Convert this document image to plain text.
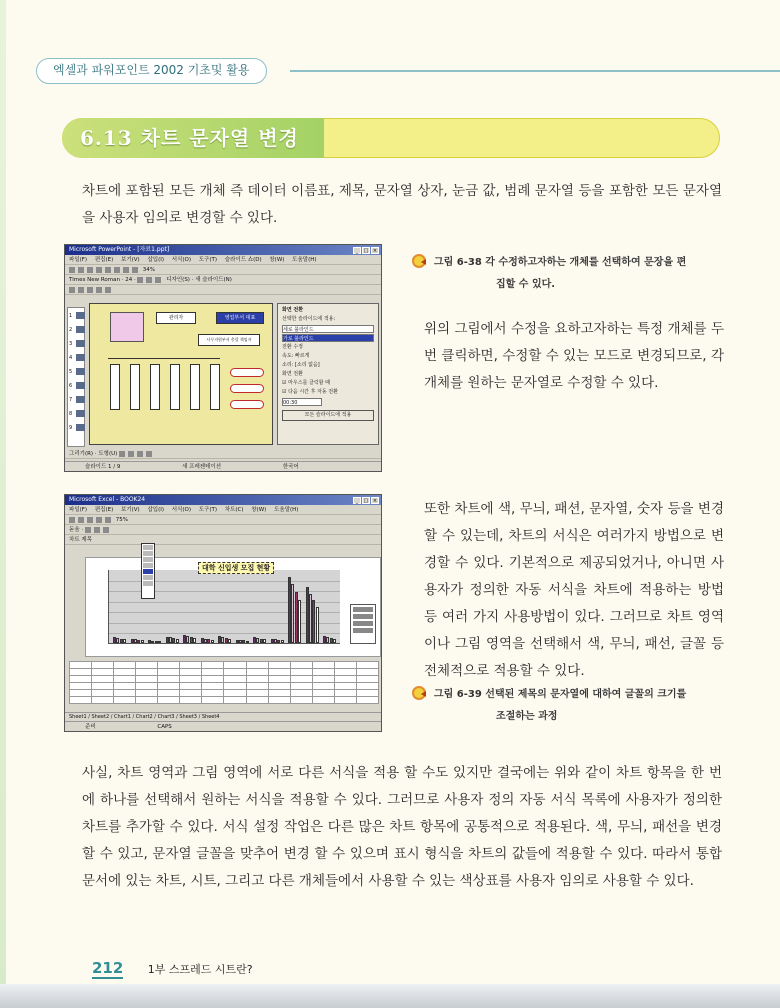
엑셀과 파워포인트 2002 기초및 활용
6.13 차트 문자열 변경

차트에 포함된 모든 개체 즉 데이터 이름표, 제목, 문자열 상자, 눈금 값, 범례 문자열 등을 포함한 모든 문자열을 사용자 임의로 변경할 수 있다.

Microsoft PowerPoint - [자료1.ppt]	_ □ ×
파일(F) 편집(E) 보기(V) 삽입(I) 서식(O) 도구(T) 슬라이드 쇼(D) 창(W) 도움말(H)
34%
Times New Roman · 24 ·	디자인(S) · 새 슬라이드(N)
1
2
3
4
5
6
7
8
9
관리자	영업부서 대표
사무지원부서 총괄 책임자
화면 전환
선택한 슬라이드에 적용:
세로 블라인드
가로 블라인드
전환 수정
속도: 빠르게
소리: [소리 없음]
화면 전환
☑ 마우스를 클릭할 때
☑ 다음 시간 후 자동 전환
00:30
모든 슬라이드에 적용
그리기(R) · 도형(U)
슬라이드 1 / 9	새 프레젠테이션	한국어
그림 6-38 각 수정하고자하는 개체를 선택하여 문장을 편
집할 수 있다.

위의 그림에서 수정을 요하고자하는 특정 개체를 두 번 클릭하면, 수정할 수 있는 모드로 변경되므로, 각 개체를 원하는 문자열로 수정할 수 있다.

Microsoft Excel - BOOK24	_ □ ×
파일(F) 편집(E) 보기(V) 삽입(I) 서식(O) 도구(T) 차트(C) 창(W) 도움말(H)
75%
돋움 ·
차트 제목
대학 신입생 모집 현황

Sheet1 / Sheet2 / Chart1 / Chart2 / Chart3 / Sheet3 / Sheet4
준비	CAPS
그림 6-39 선택된 제목의 문자열에 대하여 글꼴의 크기를
조절하는 과정

또한 차트에 색, 무늬, 패션, 문자열, 숫자 등을 변경 할 수 있는데, 차트의 서식은 여러가지 방법으로 변경할 수 있다. 기본적으로 제공되었거나, 아니면 사용자가 정의한 자동 서식을 차트에 적용하는 방법 등 여러 가지 사용방법이 있다. 그러므로 차트 영역이나 그림 영역을 선택해서 색, 무늬, 패선, 글꼴 등 전체적으로 적용할 수 있다.

사실, 차트 영역과 그림 영역에 서로 다른 서식을 적용 할 수도 있지만 결국에는 위와 같이 차트 항목을 한 번에 하나를 선택해서 원하는 서식을 적용할 수 있다. 그러므로 사용자 정의 자동 서식 목록에 사용자가 정의한 차트를 추가할 수 있다. 서식 설정 작업은 다른 많은 차트 항목에 공통적으로 적용된다. 색, 무늬, 패선을 변경 할 수 있고, 문자열 글꼴을 맞추어 변경 할 수 있으며 표시 형식을 차트의 값들에 적용할 수 있다. 따라서 통합 문서에 있는 차트, 시트, 그리고 다른 개체들에서 사용할 수 있는 색상표를 사용자 임의로 사용할 수 있다.

212 1부 스프레드 시트란?
